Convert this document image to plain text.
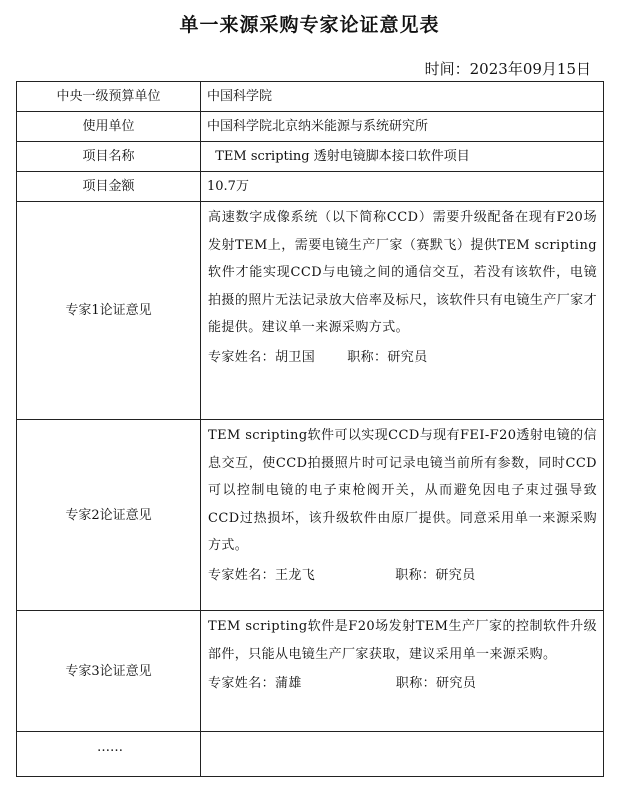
单一来源采购专家论证意见表
时间：2023年09月15日
中央一级预算单位	中国科学院
使用单位	中国科学院北京纳米能源与系统研究所
项目名称	TEM scripting 透射电镜脚本接口软件项目
项目金额	10.7万
专家1论证意见	高速数字成像系统（以下简称CCD）需要升级配备在现有F20场发射TEM上，需要电镜生产厂家（赛默飞）提供TEM scripting软件才能实现CCD与电镜之间的通信交互，若没有该软件，电镜拍摄的照片无法记录放大倍率及标尺，该软件只有电镜生产厂家才能提供。建议单一来源采购方式。
专家姓名：胡卫国 职称：研究员

专家2论证意见	TEM scripting软件可以实现CCD与现有FEI-F20透射电镜的信息交互，使CCD拍摄照片时可记录电镜当前所有参数，同时CCD可以控制电镜的电子束枪阀开关，从而避免因电子束过强导致CCD过热损坏，该升级软件由原厂提供。同意采用单一来源采购方式。
专家姓名：王龙飞 职称：研究员

专家3论证意见	TEM scripting软件是F20场发射TEM生产厂家的控制软件升级部件，只能从电镜生产厂家获取，建议采用单一来源采购。
专家姓名：蒲雄 职称：研究员

……	
